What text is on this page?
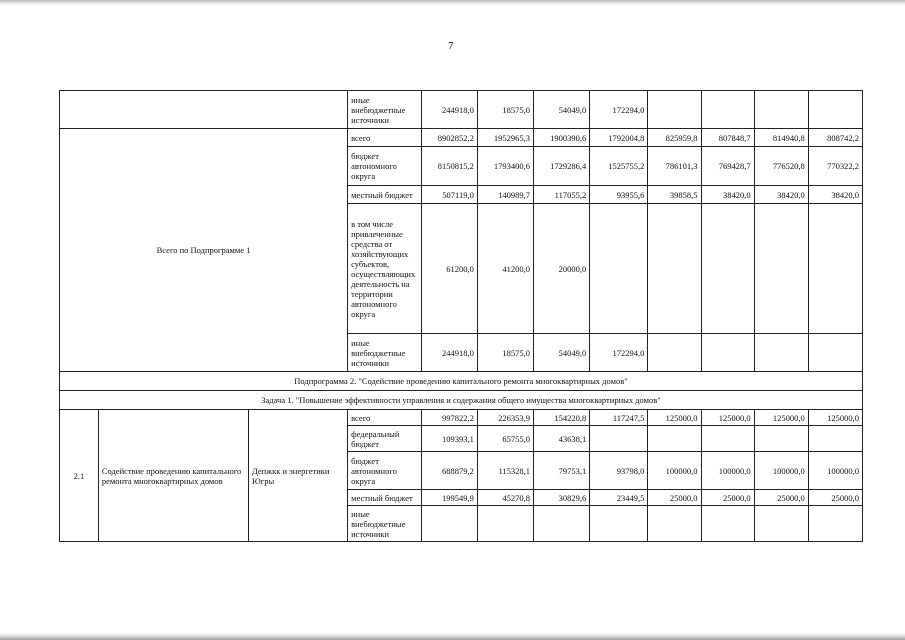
7
			иные внебюджетные источники	244918,0	18575,0	54049,0	172294,0				
Всего по Подпрограмме 1			всего	8902852,2	1952965,3	1900390,6	1792004,8	825959,8	807848,7	814940,8	808742,2
			бюджет автономного округа	8150815,2	1793400,6	1729286,4	1525755,2	786101,3	769428,7	776520,8	770322,2
			местный бюджет	507119,0	140989,7	117055,2	93955,6	39858,5	38420,0	38420,0	38420,0
			в том числе привлеченные средства от хозяйствующих субъектов, осуществляющих деятельность на территории автономного округа	61200,0	41200,0	20000,0					
			иные внебюджетные источники	244918,0	18575,0	54049,0	172294,0				
Подпрограмма 2. "Содействие проведению капитального ремонта многоквартирных домов"											
Задача 1. "Повышение эффективности управления и содержания общего имущества многоквартирных домов"											
2.1	Содействие проведению капитального ремонта многоквартирных домов	Депжкк и энергетики Югры	всего	997822,2	226353,9	154220,8	117247,5	125000,0	125000,0	125000,0	125000,0
			федеральный бюджет	109393,1	65755,0	43638,1					
			бюджет автономного округа	688879,2	115328,1	79753,1	93798,0	100000,0	100000,0	100000,0	100000,0
			местный бюджет	199549,9	45270,8	30829,6	23449,5	25000,0	25000,0	25000,0	25000,0
			иные внебюджетные источники								
